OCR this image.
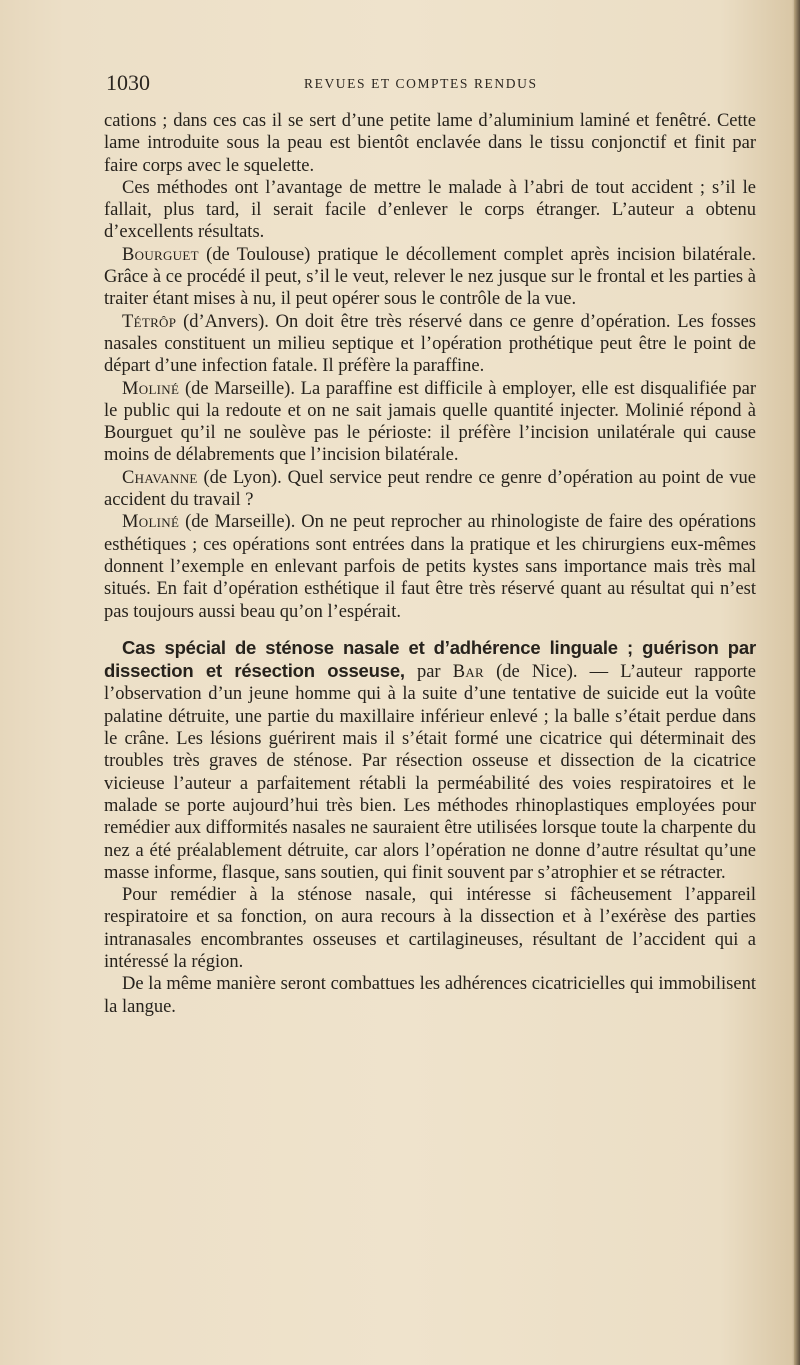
1030	REVUES ET COMPTES RENDUS

cations ; dans ces cas il se sert d’une petite lame d’aluminium laminé et fenêtré. Cette lame introduite sous la peau est bientôt enclavée dans le tissu conjonctif et finit par faire corps avec le squelette.

Ces méthodes ont l’avantage de mettre le malade à l’abri de tout accident ; s’il le fallait, plus tard, il serait facile d’enlever le corps étranger. L’auteur a obtenu d’excellents résultats.

Bourguet (de Toulouse) pratique le décollement complet après incision bilatérale. Grâce à ce procédé il peut, s’il le veut, relever le nez jusque sur le frontal et les parties à traiter étant mises à nu, il peut opérer sous le contrôle de la vue.

Tétrôp (d’Anvers). On doit être très réservé dans ce genre d’opération. Les fosses nasales constituent un milieu septique et l’opération prothétique peut être le point de départ d’une infection fatale. Il préfère la paraffine.

Moliné (de Marseille). La paraffine est difficile à employer, elle est disqualifiée par le public qui la redoute et on ne sait jamais quelle quantité injecter. Molinié répond à Bourguet qu’il ne soulève pas le périoste: il préfère l’incision unilatérale qui cause moins de délabrements que l’incision bilatérale.

Chavanne (de Lyon). Quel service peut rendre ce genre d’opération au point de vue accident du travail ?

Moliné (de Marseille). On ne peut reprocher au rhinologiste de faire des opérations esthétiques ; ces opérations sont entrées dans la pratique et les chirurgiens eux-mêmes donnent l’exemple en enlevant parfois de petits kystes sans importance mais très mal situés. En fait d’opération esthétique il faut être très réservé quant au résultat qui n’est pas toujours aussi beau qu’on l’espérait.

Cas spécial de sténose nasale et d’adhérence linguale ; guérison par dissection et résection osseuse, par Bar (de Nice). — L’auteur rapporte l’observation d’un jeune homme qui à la suite d’une tentative de suicide eut la voûte palatine détruite, une partie du maxillaire inférieur enlevé ; la balle s’était perdue dans le crâne. Les lésions guérirent mais il s’était formé une cicatrice qui déterminait des troubles très graves de sténose. Par résection osseuse et dissection de la cicatrice vicieuse l’auteur a parfaitement rétabli la perméabilité des voies respiratoires et le malade se porte aujourd’hui très bien. Les méthodes rhinoplastiques employées pour remédier aux difformités nasales ne sauraient être utilisées lorsque toute la charpente du nez a été préalablement détruite, car alors l’opération ne donne d’autre résultat qu’une masse informe, flasque, sans soutien, qui finit souvent par s’atrophier et se rétracter.

Pour remédier à la sténose nasale, qui intéresse si fâcheusement l’appareil respiratoire et sa fonction, on aura recours à la dissection et à l’exérèse des parties intranasales encombrantes osseuses et cartilagineuses, résultant de l’accident qui a intéressé la région.

De la même manière seront combattues les adhérences cicatricielles qui immobilisent la langue.
